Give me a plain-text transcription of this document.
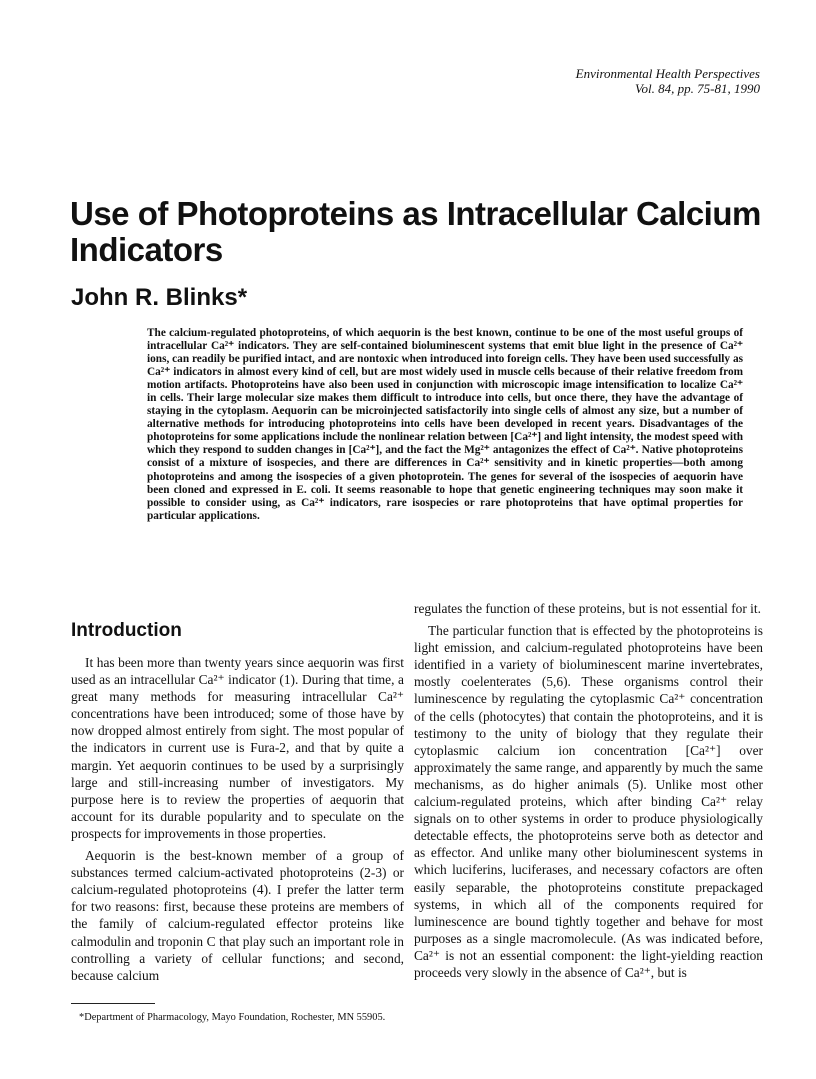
Environmental Health Perspectives
Vol. 84, pp. 75-81, 1990
Use of Photoproteins as Intracellular Calcium Indicators
John R. Blinks*

The calcium-regulated photoproteins, of which aequorin is the best known, continue to be one of the most useful groups of intracellular Ca²⁺ indicators. They are self-contained bioluminescent systems that emit blue light in the presence of Ca²⁺ ions, can readily be purified intact, and are nontoxic when introduced into foreign cells. They have been used successfully as Ca²⁺ indicators in almost every kind of cell, but are most widely used in muscle cells because of their relative freedom from motion artifacts. Photoproteins have also been used in conjunction with microscopic image intensification to localize Ca²⁺ in cells. Their large molecular size makes them difficult to introduce into cells, but once there, they have the advantage of staying in the cytoplasm. Aequorin can be microinjected satisfactorily into single cells of almost any size, but a number of alternative methods for introducing photoproteins into cells have been developed in recent years. Disadvantages of the photoproteins for some applications include the nonlinear relation between [Ca²⁺] and light intensity, the modest speed with which they respond to sudden changes in [Ca²⁺], and the fact the Mg²⁺ antagonizes the effect of Ca²⁺. Native photoproteins consist of a mixture of isospecies, and there are differences in Ca²⁺ sensitivity and in kinetic properties—both among photoproteins and among the isospecies of a given photoprotein. The genes for several of the isospecies of aequorin have been cloned and expressed in E. coli. It seems reasonable to hope that genetic engineering techniques may soon make it possible to consider using, as Ca²⁺ indicators, rare isospecies or rare photoproteins that have optimal properties for particular applications.

Introduction

It has been more than twenty years since aequorin was first used as an intracellular Ca²⁺ indicator (1). During that time, a great many methods for measuring intracellular Ca²⁺ concentrations have been introduced; some of those have by now dropped almost entirely from sight. The most popular of the indicators in current use is Fura-2, and that by quite a margin. Yet aequorin continues to be used by a surprisingly large and still-increasing number of investigators. My purpose here is to review the properties of aequorin that account for its durable popularity and to speculate on the prospects for improvements in those properties.

Aequorin is the best-known member of a group of substances termed calcium-activated photoproteins (2-3) or calcium-regulated photoproteins (4). I prefer the latter term for two reasons: first, because these proteins are members of the family of calcium-regulated effector proteins like calmodulin and troponin C that play such an important role in controlling a variety of cellular functions; and second, because calcium

regulates the function of these proteins, but is not essential for it.

The particular function that is effected by the photoproteins is light emission, and calcium-regulated photoproteins have been identified in a variety of bioluminescent marine invertebrates, mostly coelenterates (5,6). These organisms control their luminescence by regulating the cytoplasmic Ca²⁺ concentration of the cells (photocytes) that contain the photoproteins, and it is testimony to the unity of biology that they regulate their cytoplasmic calcium ion concentration [Ca²⁺] over approximately the same range, and apparently by much the same mechanisms, as do higher animals (5). Unlike most other calcium-regulated proteins, which after binding Ca²⁺ relay signals on to other systems in order to produce physiologically detectable effects, the photoproteins serve both as detector and as effector. And unlike many other bioluminescent systems in which luciferins, luciferases, and necessary cofactors are often easily separable, the photoproteins constitute prepackaged systems, in which all of the components required for luminescence are bound tightly together and behave for most purposes as a single macromolecule. (As was indicated before, Ca²⁺ is not an essential component: the light-yielding reaction proceeds very slowly in the absence of Ca²⁺, but is

*Department of Pharmacology, Mayo Foundation, Rochester, MN 55905.
